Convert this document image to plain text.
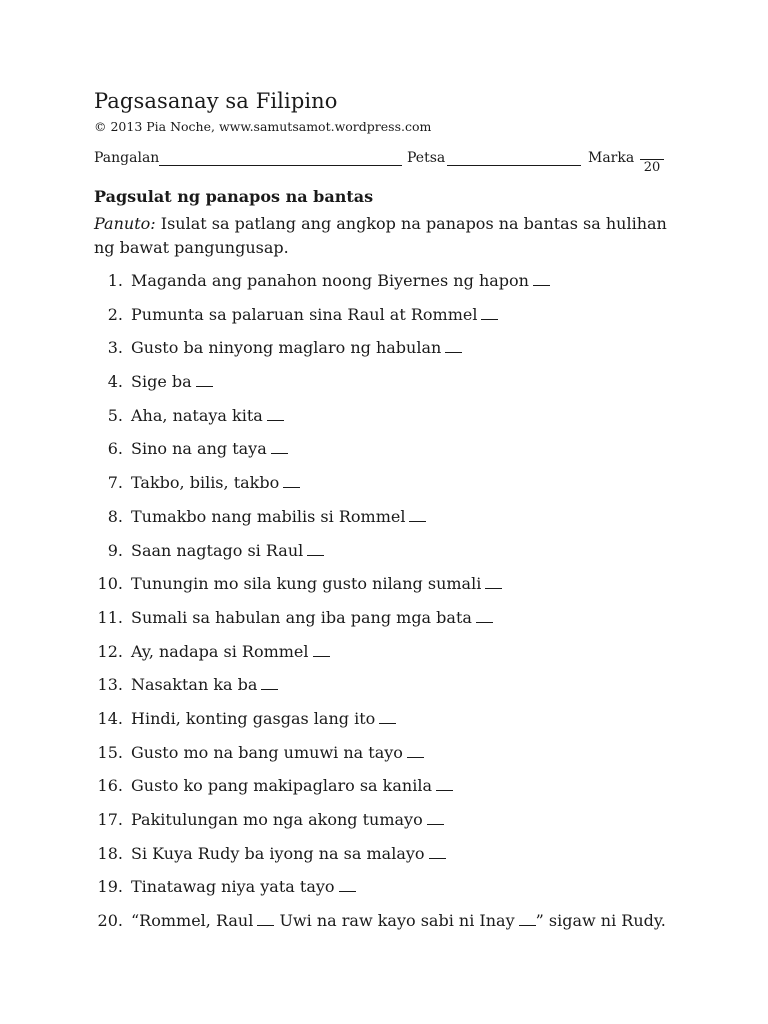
Pagsasanay sa Filipino

© 2013 Pia Noche, www.samutsamot.wordpress.com

Pangalan	Petsa	Marka
20
Pagsulat ng panapos na bantas

Panuto: Isulat sa patlang ang angkop na panapos na bantas sa hulihan ng bawat pangungusap.

1. Maganda ang panahon noong Biyernes ng hapon
2. Pumunta sa palaruan sina Raul at Rommel
3. Gusto ba ninyong maglaro ng habulan
4. Sige ba
5. Aha, nataya kita
6. Sino na ang taya
7. Takbo, bilis, takbo
8. Tumakbo nang mabilis si Rommel
9. Saan nagtago si Raul
10. Tunungin mo sila kung gusto nilang sumali
11. Sumali sa habulan ang iba pang mga bata
12. Ay, nadapa si Rommel
13. Nasaktan ka ba
14. Hindi, konting gasgas lang ito
15. Gusto mo na bang umuwi na tayo
16. Gusto ko pang makipaglaro sa kanila
17. Pakitulungan mo nga akong tumayo
18. Si Kuya Rudy ba iyong na sa malayo
19. Tinatawag niya yata tayo
20. “Rommel, Raul Uwi na raw kayo sabi ni Inay ” sigaw ni Rudy.
